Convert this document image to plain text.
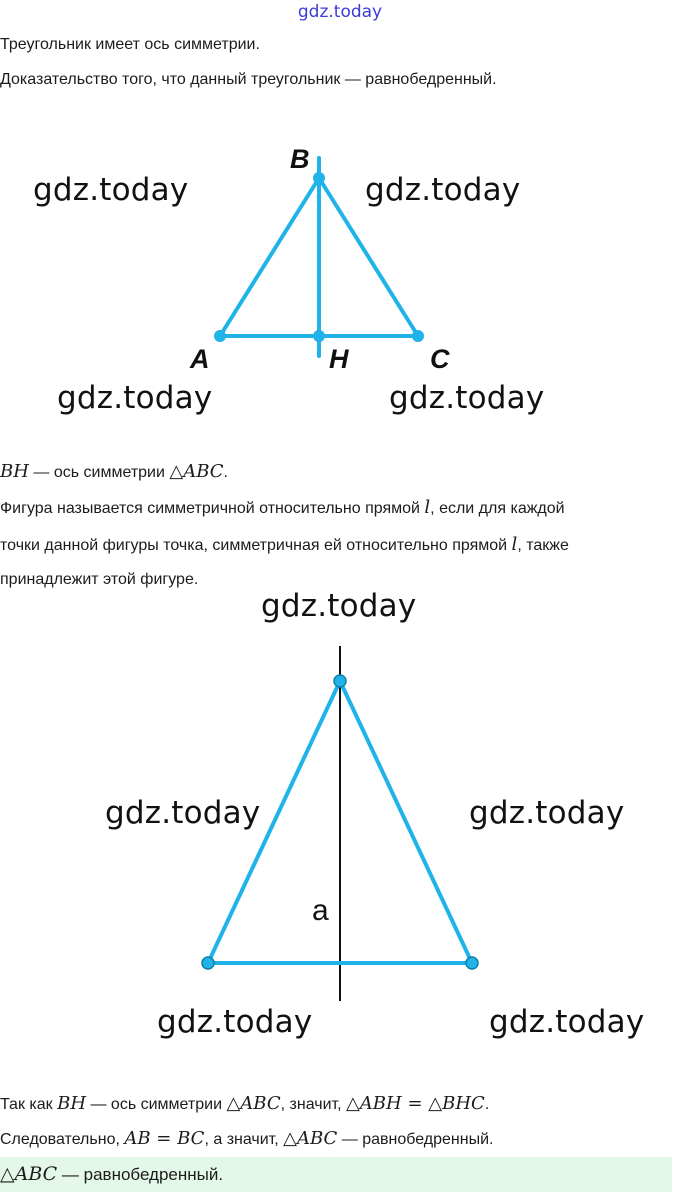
gdz.today
Треугольник имеет ось симметрии.
Доказательство того, что данный треугольник — равнобедренный.
B
A	H	C
gdz.today	gdz.today
gdz.today	gdz.today
BH — ось симметрии △ABC.
Фигура называется симметричной относительно прямой l, если для каждой
точки данной фигуры точка, симметричная ей относительно прямой l, также
принадлежит этой фигуре.
a
gdz.today
gdz.today	gdz.today
gdz.today	gdz.today
Так как BH — ось симметрии △ABC, значит, △ABH = △BHC.
Следовательно, AB = BC, а значит, △ABC — равнобедренный.
△ABC — равнобедренный.
